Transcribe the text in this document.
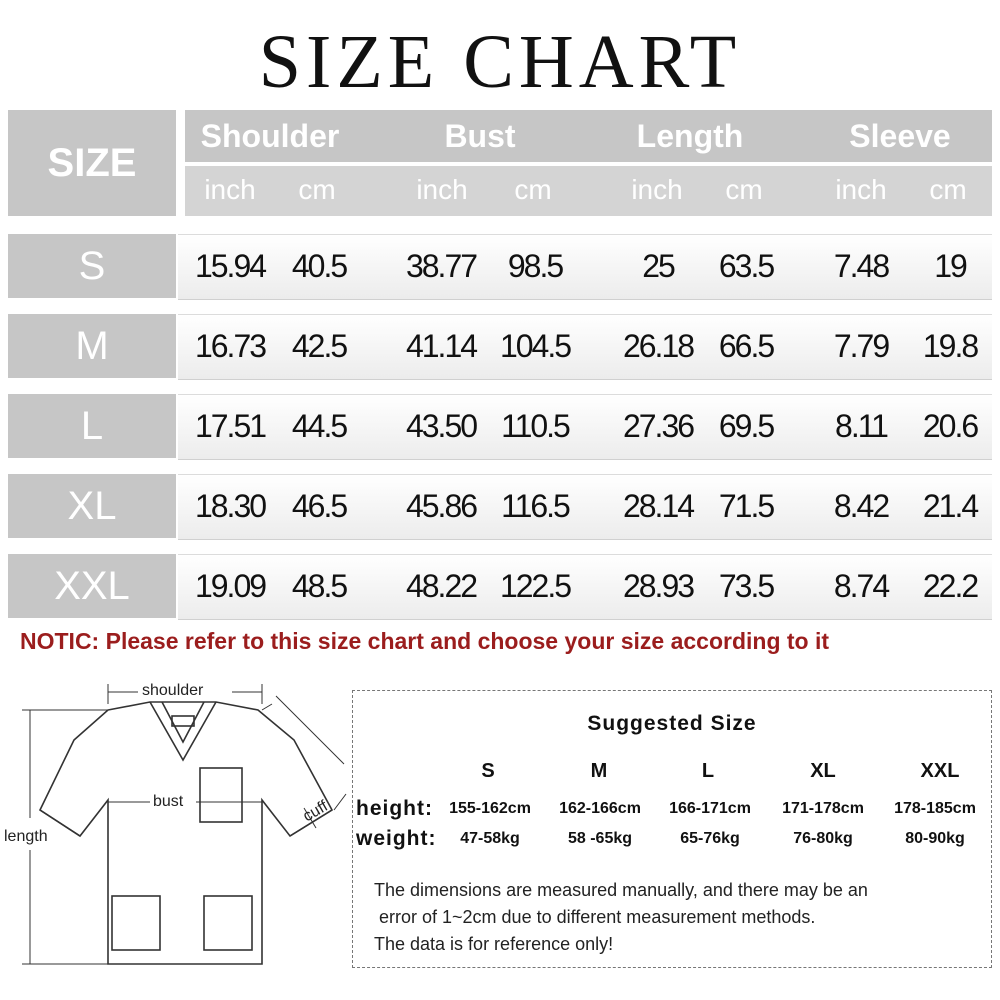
SIZE CHART
SIZE
Shoulder	Bust	Length	Sleeve
inch	cm	inch	cm	inch	cm	inch	cm
S	15.94 40.5	38.77 98.5	25	63.5	7.48	19
M	16.73 42.5	41.14 104.5	26.18 66.5	7.79	19.8
L	17.51 44.5	43.50 110.5	27.36 69.5	8.11	20.6
XL	18.30 46.5	45.86 116.5	28.14 71.5	8.42	21.4
XXL	19.09 48.5	48.22 122.5	28.93 73.5	8.74	22.2
NOTIC: Please refer to this size chart and choose your size according to it
shoulder
bust	cuff
length
Suggested Size
S	M	L	XL	XXL
height:	155-162cm	162-166cm	166-171cm	171-178cm	178-185cm
weight:	47-58kg	58 -65kg	65-76kg	76-80kg	80-90kg
The dimensions are measured manually, and there may be an
error of 1~2cm due to different measurement methods.
The data is for reference only!
